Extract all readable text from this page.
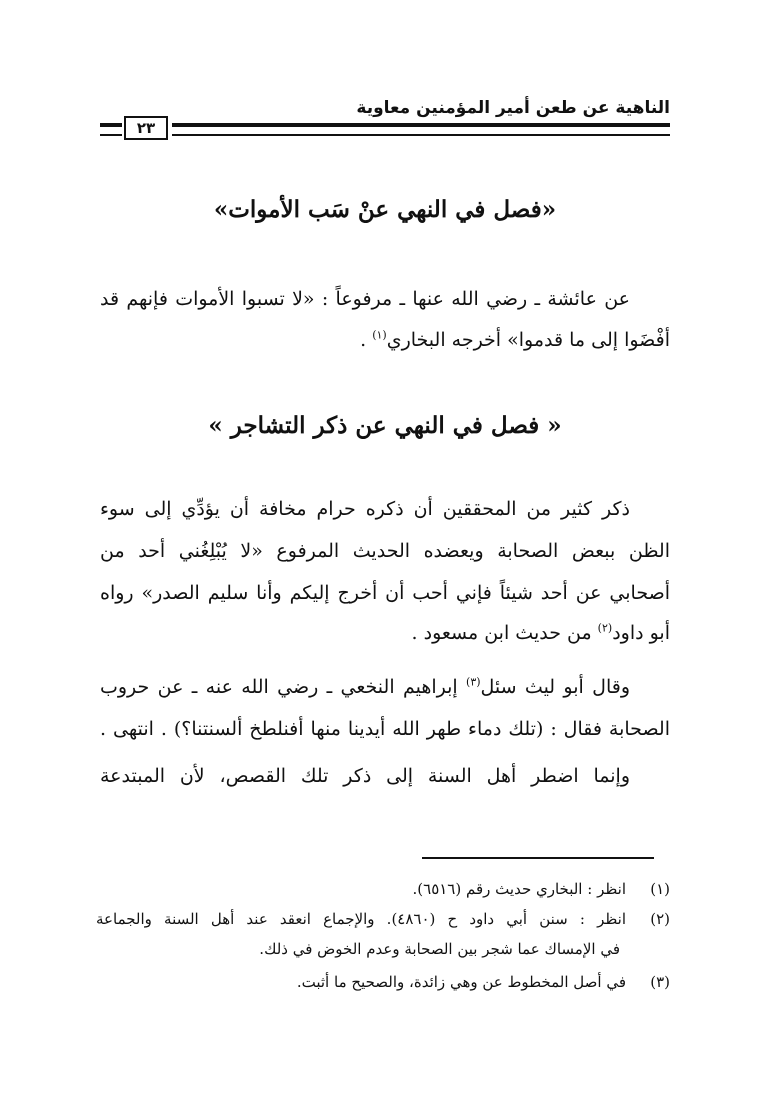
الناهية عن طعن أمير المؤمنين معاوية
٢٣
«فصل في النهي عنْ سَب الأموات»
عن عائشة ـ رضي الله عنها ـ مرفوعاً : «لا تسبوا الأموات فإنهم قد
أفْضَوا إلى ما قدموا» أخرجه البخاري$^{(١)}$ .
« فصل في النهي عن ذكر التشاجر »
ذكر كثير من المحققين أن ذكره حرام مخافة أن يؤدِّي إلى سوء
الظن ببعض الصحابة ويعضده الحديث المرفوع «لا يُبْلِغُني أحد من
أصحابي عن أحد شيئاً فإني أحب أن أخرج إليكم وأنا سليم الصدر» رواه
أبو داود$^{(٢)}$ من حديث ابن مسعود .
وقال أبو ليث سئل$^{(٣)}$ إبراهيم النخعي ـ رضي الله عنه ـ عن حروب
الصحابة فقال : (تلك دماء طهر الله أيدينا منها أفنلطخ ألسنتنا؟) . انتهى .
وإنما اضطر أهل السنة إلى ذكر تلك القصص، لأن المبتدعة
(١)
انظر : البخاري حديث رقم (٦٥١٦).
(٢)
انظر : سنن أبي داود ح (٤٨٦٠). والإجماع انعقد عند أهل السنة والجماعة
في الإمساك عما شجر بين الصحابة وعدم الخوض في ذلك.
(٣)
في أصل المخطوط عن وهي زائدة، والصحيح ما أثبت.
